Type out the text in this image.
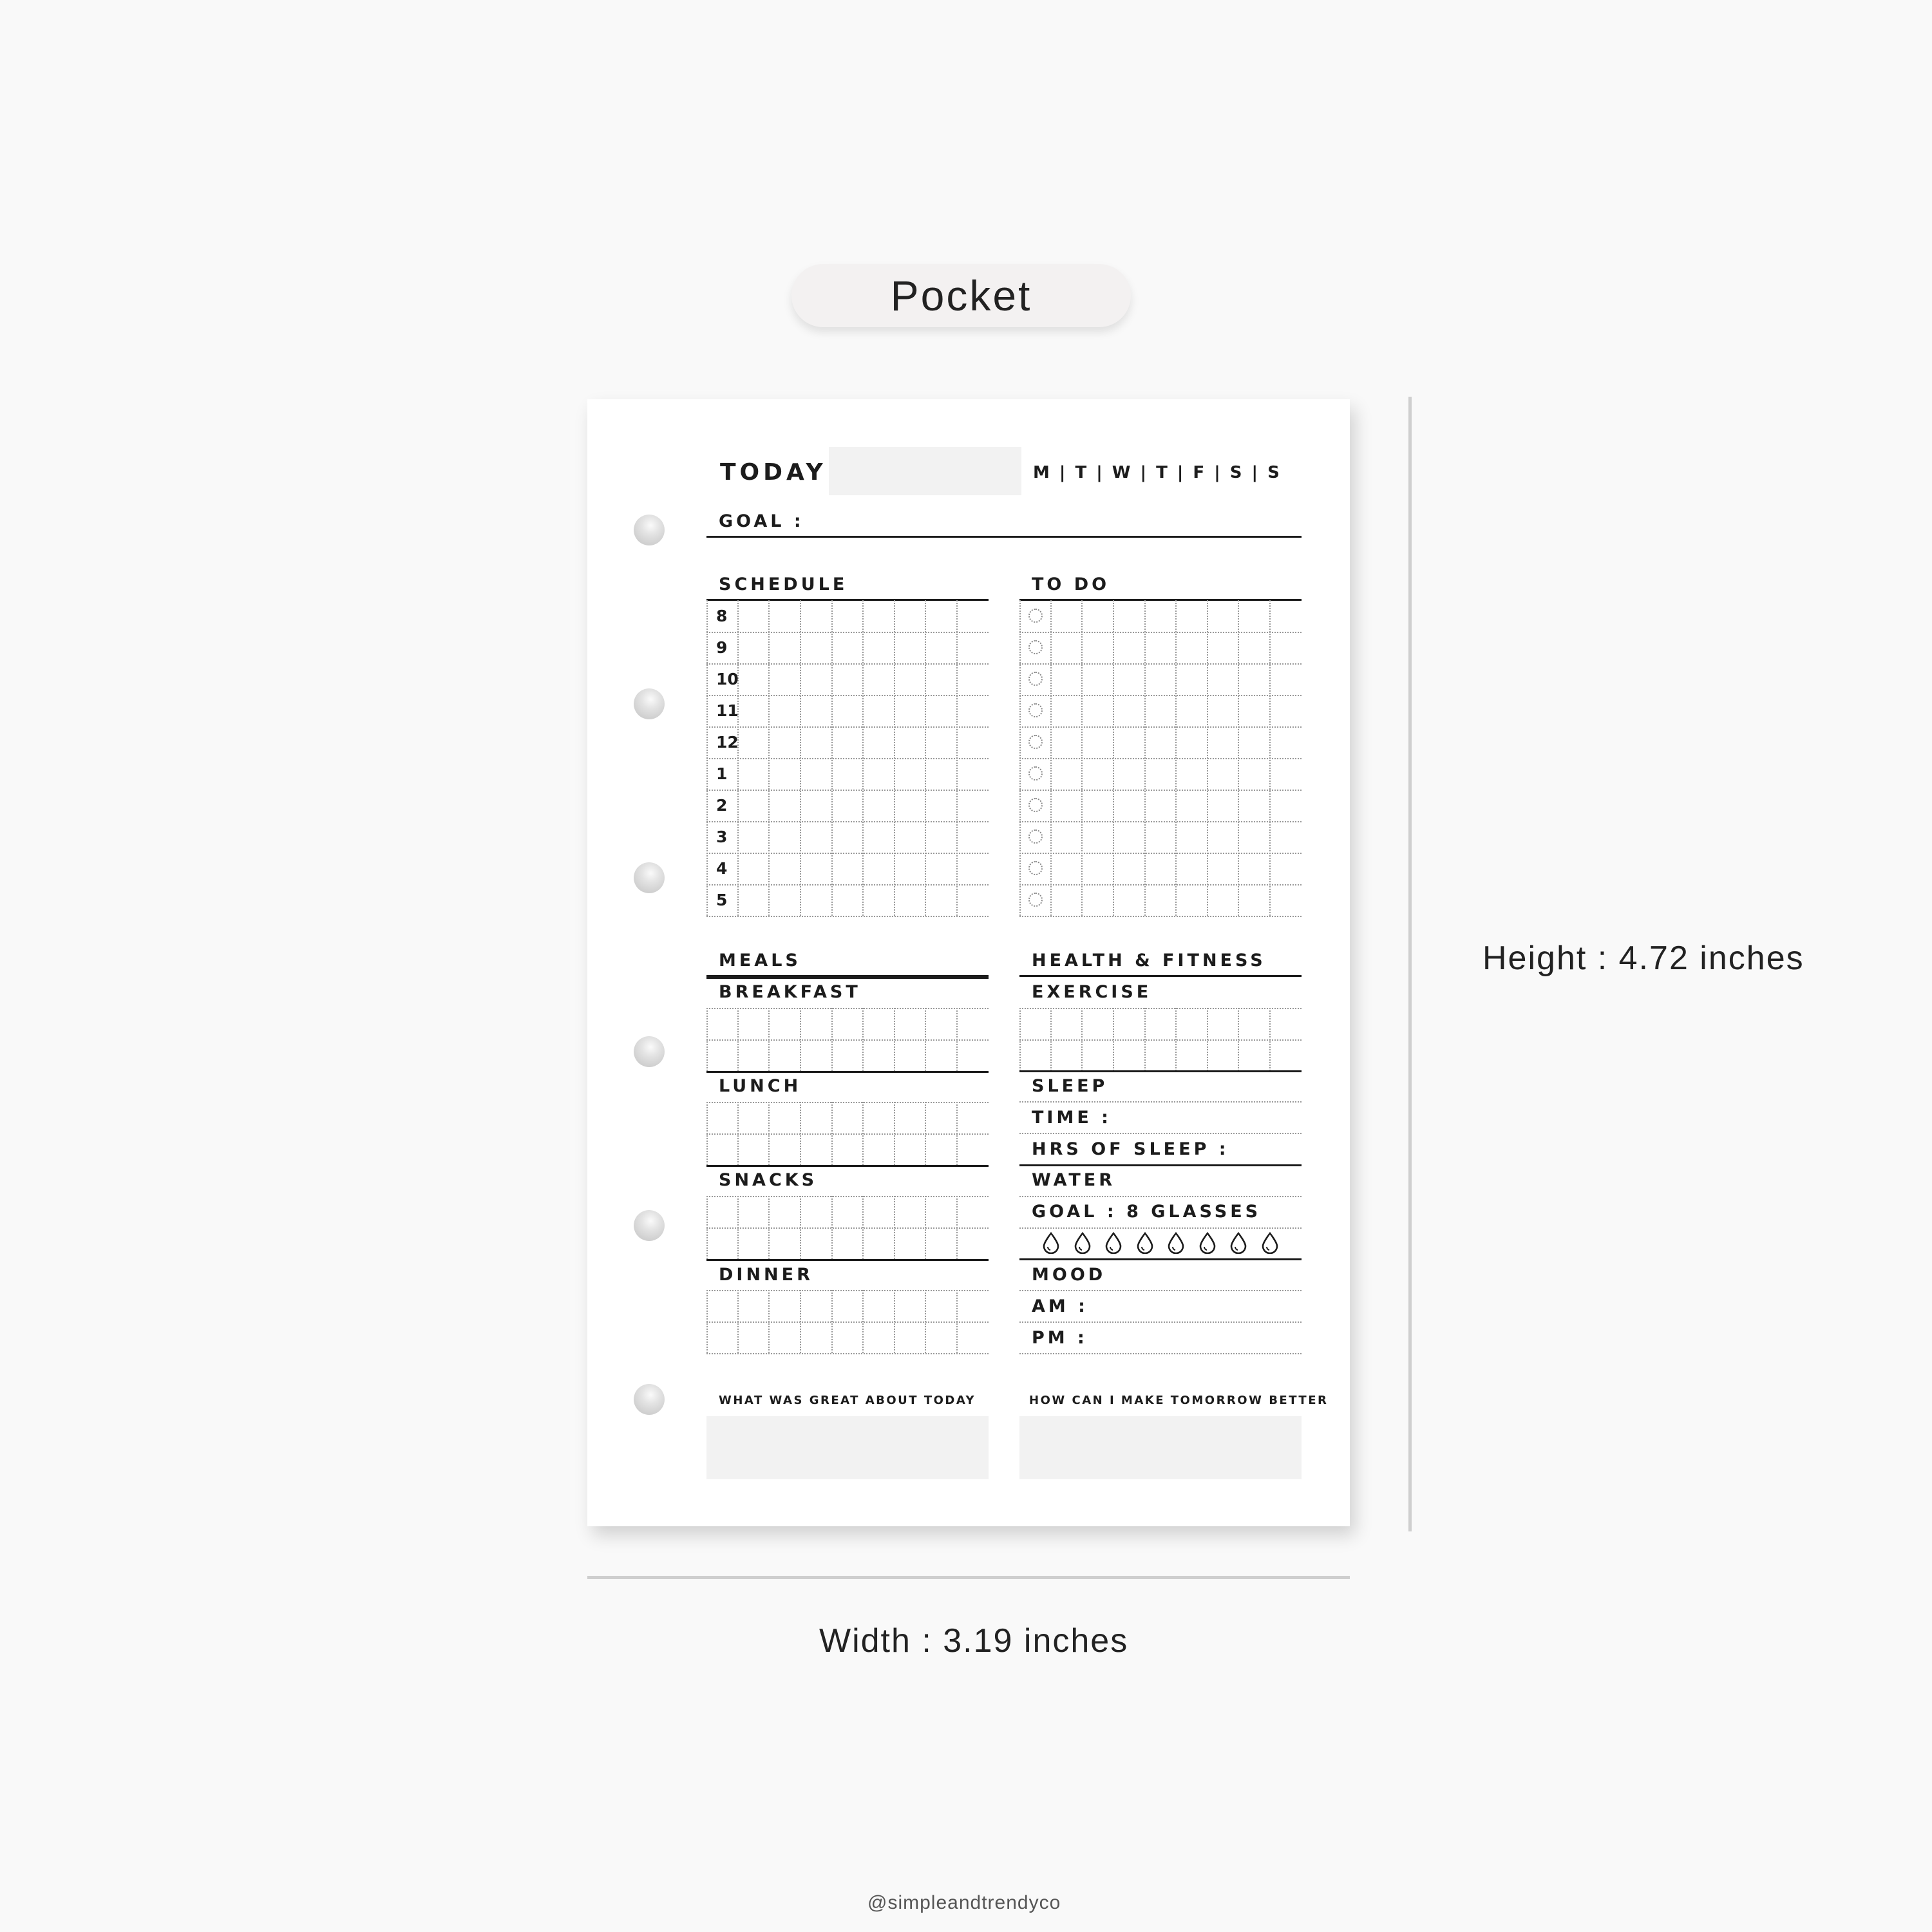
Pocket
TODAY	M | T | W | T | F | S | S
GOAL :
SCHEDULE	TO DO
8
9
10
11
12
1
2
3
4
5
MEALS	HEALTH & FITNESS
BREAKFAST	EXERCISE
LUNCH	SLEEP
TIME :
HRS OF SLEEP :
SNACKS	WATER
GOAL : 8 GLASSES
DINNER	MOOD
AM :
PM :
WHAT WAS GREAT ABOUT TODAY	HOW CAN I MAKE TOMORROW BETTER
Height : 4.72 inches
Width : 3.19 inches
@simpleandtrendyco
